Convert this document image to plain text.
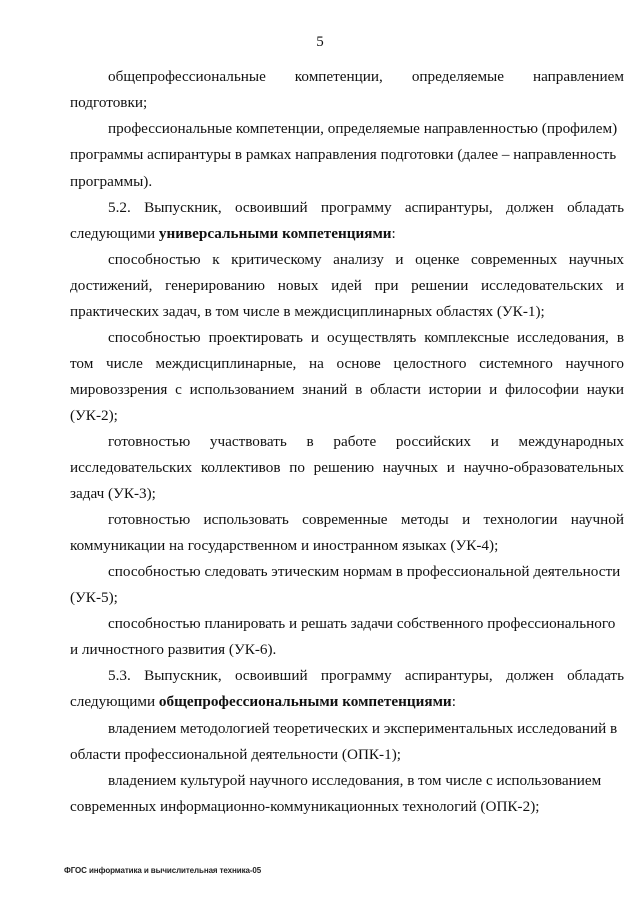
5

общепрофессиональные компетенции, определяемые направлением

подготовки;

профессиональные компетенции, определяемые направленностью (профилем)

программы аспирантуры в рамках направления подготовки (далее – направленность

программы).

5.2. Выпускник, освоивший программу аспирантуры, должен обладать

следующими универсальными компетенциями:

способностью к критическому анализу и оценке современных научных

достижений, генерированию новых идей при решении исследовательских и

практических задач, в том числе в междисциплинарных областях (УК-1);

способностью проектировать и осуществлять комплексные исследования, в

том числе междисциплинарные, на основе целостного системного научного

мировоззрения с использованием знаний в области истории и философии науки

(УК-2);

готовностью участвовать в работе российских и международных

исследовательских коллективов по решению научных и научно-образовательных

задач (УК-3);

готовностью использовать современные методы и технологии научной

коммуникации на государственном и иностранном языках (УК-4);

способностью следовать этическим нормам в профессиональной деятельности

(УК-5);

способностью планировать и решать задачи собственного профессионального

и личностного развития (УК-6).

5.3. Выпускник, освоивший программу аспирантуры, должен обладать

следующими общепрофессиональными компетенциями:

владением методологией теоретических и экспериментальных исследований в

области профессиональной деятельности (ОПК-1);

владением культурой научного исследования, в том числе с использованием

современных информационно-коммуникационных технологий (ОПК-2);

ФГОС информатика и вычислительная техника-05
